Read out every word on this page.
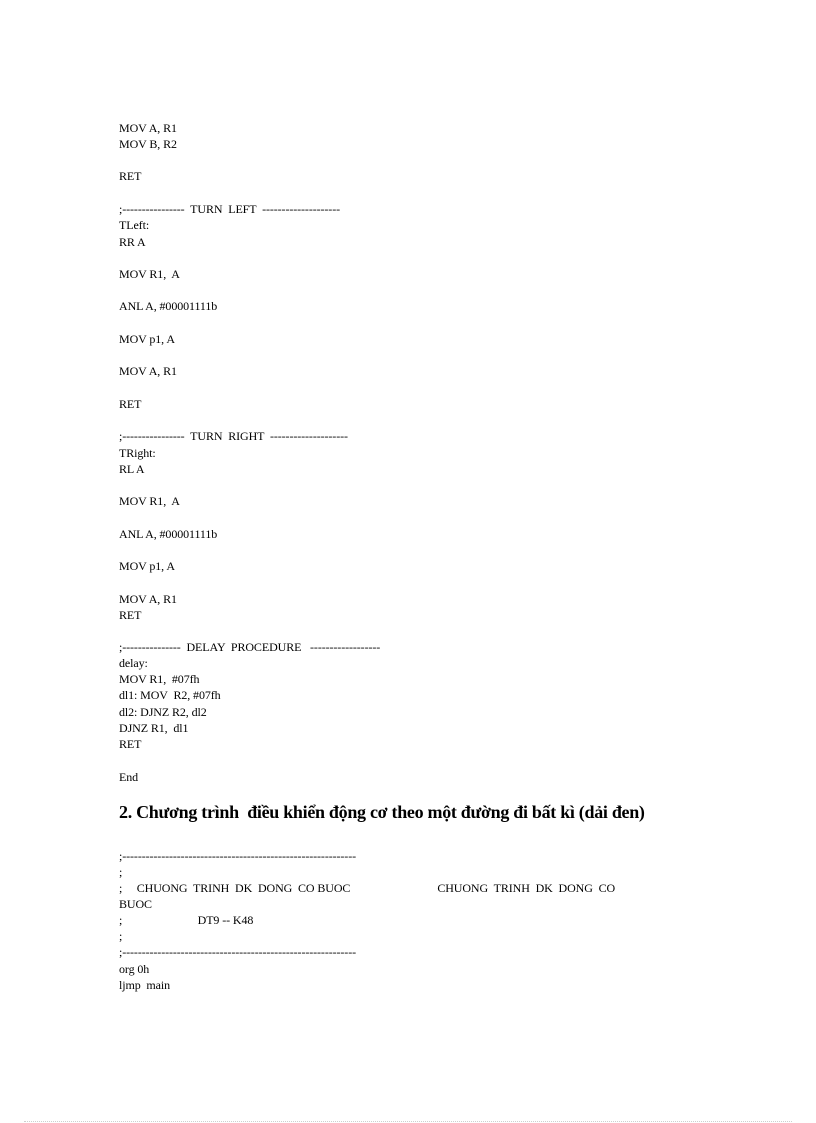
MOV A, R1
MOV B, R2
RET
;----------------  TURN  LEFT  --------------------
TLeft:
RR A
MOV R1,  A
ANL A, #00001111b
MOV p1, A
MOV A, R1
RET
;----------------  TURN  RIGHT  --------------------
TRight:
RL A
MOV R1,  A
ANL A, #00001111b
MOV p1, A
MOV A, R1
RET
;---------------  DELAY  PROCEDURE   ------------------
delay:
MOV R1,  #07fh
dl1: MOV  R2, #07fh
dl2: DJNZ R2, dl2
DJNZ R1,  dl1
RET
End
2. Chương trình  điều khiển động cơ theo một đường đi bất kì (dải đen)
;------------------------------------------------------------
;
;     CHUONG  TRINH  DK  DONG  CO BUOC                              CHUONG  TRINH  DK  DONG  CO
BUOC
;                          DT9 -- K48
;
;------------------------------------------------------------
org 0h
ljmp  main
